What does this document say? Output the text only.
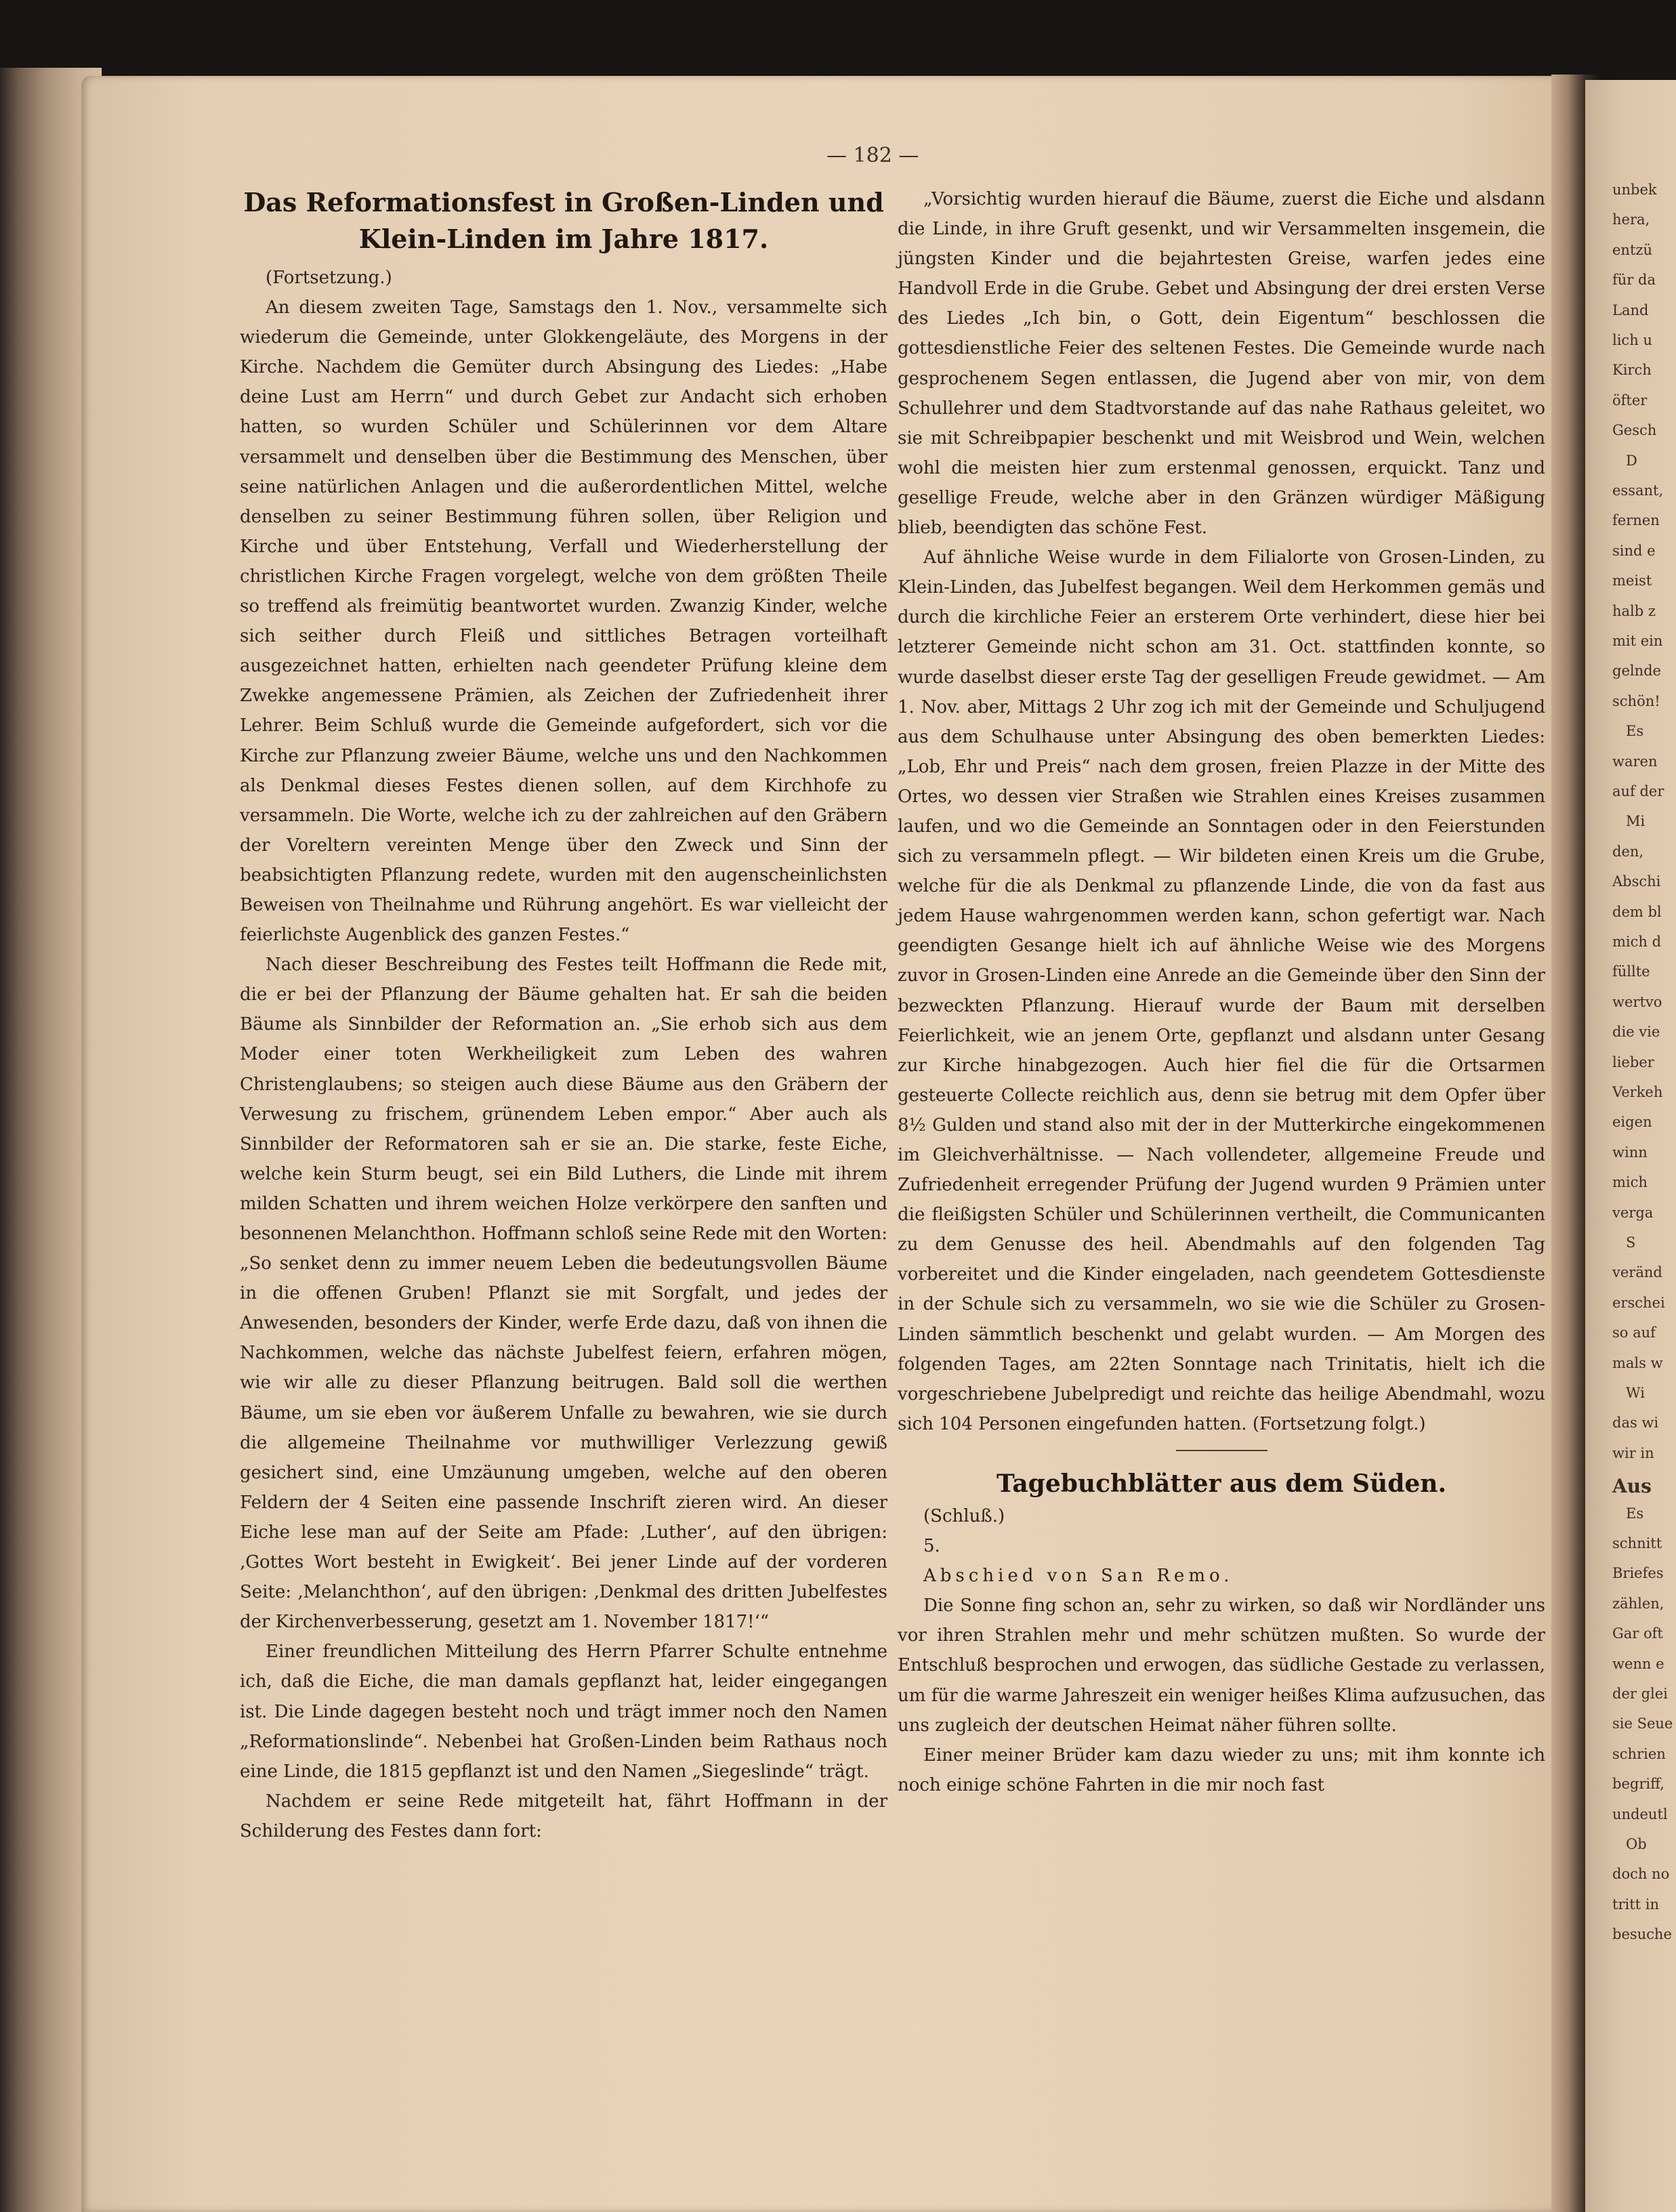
unbek
hera,
entzü
für da
Land
lich u
Kirch
öfter
Gesch
D
essant,
fernen
sind e
meist
halb z
mit ein
gelnde
schön!
Es
waren
auf der
Mi
den,
Abschi
dem bl
mich d
füllte
wertvo
die vie
lieber
Verkeh
eigen
winn
mich
verga
S
veränd
erschei
so auf
mals w
Wi
das wi
wir in
Aus
Es
schnitt
Briefes
zählen,
Gar oft
wenn e
der glei
sie Seue
schrien
begriff,
undeutl
Ob
doch no
tritt in
besuche
— 182 —
Das Reformationsfest in Großen-Linden und Klein-Linden im Jahre 1817.

(Fortsetzung.)

An diesem zweiten Tage, Samstags den 1. Nov., versammelte sich wiederum die Gemeinde, unter Glokkengeläute, des Morgens in der Kirche. Nachdem die Gemüter durch Absingung des Liedes: „Habe deine Lust am Herrn“ und durch Gebet zur Andacht sich erhoben hatten, so wurden Schüler und Schülerinnen vor dem Altare versammelt und denselben über die Bestimmung des Menschen, über seine natürlichen Anlagen und die außerordentlichen Mittel, welche denselben zu seiner Bestimmung führen sollen, über Religion und Kirche und über Entstehung, Verfall und Wiederherstellung der christlichen Kirche Fragen vorgelegt, welche von dem größten Theile so treffend als freimütig beantwortet wurden. Zwanzig Kinder, welche sich seither durch Fleiß und sittliches Betragen vorteilhaft ausgezeichnet hatten, erhielten nach geendeter Prüfung kleine dem Zwekke angemessene Prämien, als Zeichen der Zufriedenheit ihrer Lehrer. Beim Schluß wurde die Gemeinde aufgefordert, sich vor die Kirche zur Pflanzung zweier Bäume, welche uns und den Nachkommen als Denkmal dieses Festes dienen sollen, auf dem Kirchhofe zu versammeln. Die Worte, welche ich zu der zahlreichen auf den Gräbern der Voreltern vereinten Menge über den Zweck und Sinn der beabsichtigten Pflanzung redete, wurden mit den augenscheinlichsten Beweisen von Theilnahme und Rührung angehört. Es war vielleicht der feierlichste Augenblick des ganzen Festes.“

Nach dieser Beschreibung des Festes teilt Hoffmann die Rede mit, die er bei der Pflanzung der Bäume gehalten hat. Er sah die beiden Bäume als Sinnbilder der Reformation an. „Sie erhob sich aus dem Moder einer toten Werkheiligkeit zum Leben des wahren Christenglaubens; so steigen auch diese Bäume aus den Gräbern der Verwesung zu frischem, grünendem Leben empor.“ Aber auch als Sinnbilder der Reformatoren sah er sie an. Die starke, feste Eiche, welche kein Sturm beugt, sei ein Bild Luthers, die Linde mit ihrem milden Schatten und ihrem weichen Holze verkörpere den sanften und besonnenen Melanchthon. Hoffmann schloß seine Rede mit den Worten: „So senket denn zu immer neuem Leben die bedeutungsvollen Bäume in die offenen Gruben! Pflanzt sie mit Sorgfalt, und jedes der Anwesenden, besonders der Kinder, werfe Erde dazu, daß von ihnen die Nachkommen, welche das nächste Jubelfest feiern, erfahren mögen, wie wir alle zu dieser Pflanzung beitrugen. Bald soll die werthen Bäume, um sie eben vor äußerem Unfalle zu bewahren, wie sie durch die allgemeine Theilnahme vor muthwilliger Verlezzung gewiß gesichert sind, eine Umzäunung umgeben, welche auf den oberen Feldern der 4 Seiten eine passende Inschrift zieren wird. An dieser Eiche lese man auf der Seite am Pfade: ‚Luther‘, auf den übrigen: ‚Gottes Wort besteht in Ewigkeit‘. Bei jener Linde auf der vorderen Seite: ‚Melanchthon‘, auf den übrigen: ‚Denkmal des dritten Jubelfestes der Kirchenverbesserung, gesetzt am 1. November 1817!‘“

Einer freundlichen Mitteilung des Herrn Pfarrer Schulte entnehme ich, daß die Eiche, die man damals gepflanzt hat, leider eingegangen ist. Die Linde dagegen besteht noch und trägt immer noch den Namen „Reformationslinde“. Nebenbei hat Großen-Linden beim Rathaus noch eine Linde, die 1815 gepflanzt ist und den Namen „Siegeslinde“ trägt.

Nachdem er seine Rede mitgeteilt hat, fährt Hoffmann in der Schilderung des Festes dann fort:

„Vorsichtig wurden hierauf die Bäume, zuerst die Eiche und alsdann die Linde, in ihre Gruft gesenkt, und wir Versammelten insgemein, die jüngsten Kinder und die bejahrtesten Greise, warfen jedes eine Handvoll Erde in die Grube. Gebet und Absingung der drei ersten Verse des Liedes „Ich bin, o Gott, dein Eigentum“ beschlossen die gottesdienstliche Feier des seltenen Festes. Die Gemeinde wurde nach gesprochenem Segen entlassen, die Jugend aber von mir, von dem Schullehrer und dem Stadtvorstande auf das nahe Rathaus geleitet, wo sie mit Schreibpapier beschenkt und mit Weisbrod und Wein, welchen wohl die meisten hier zum erstenmal genossen, erquickt. Tanz und gesellige Freude, welche aber in den Gränzen würdiger Mäßigung blieb, beendigten das schöne Fest.

Auf ähnliche Weise wurde in dem Filialorte von Grosen-Linden, zu Klein-Linden, das Jubelfest begangen. Weil dem Herkommen gemäs und durch die kirchliche Feier an ersterem Orte verhindert, diese hier bei letzterer Gemeinde nicht schon am 31. Oct. stattfinden konnte, so wurde daselbst dieser erste Tag der geselligen Freude gewidmet. — Am 1. Nov. aber, Mittags 2 Uhr zog ich mit der Gemeinde und Schuljugend aus dem Schulhause unter Absingung des oben bemerkten Liedes: „Lob, Ehr und Preis“ nach dem grosen, freien Plazze in der Mitte des Ortes, wo dessen vier Straßen wie Strahlen eines Kreises zusammen laufen, und wo die Gemeinde an Sonntagen oder in den Feierstunden sich zu versammeln pflegt. — Wir bildeten einen Kreis um die Grube, welche für die als Denkmal zu pflanzende Linde, die von da fast aus jedem Hause wahrgenommen werden kann, schon gefertigt war. Nach geendigten Gesange hielt ich auf ähnliche Weise wie des Morgens zuvor in Grosen-Linden eine Anrede an die Gemeinde über den Sinn der bezweckten Pflanzung. Hierauf wurde der Baum mit derselben Feierlichkeit, wie an jenem Orte, gepflanzt und alsdann unter Gesang zur Kirche hinabgezogen. Auch hier fiel die für die Ortsarmen gesteuerte Collecte reichlich aus, denn sie betrug mit dem Opfer über 8½ Gulden und stand also mit der in der Mutterkirche eingekommenen im Gleichverhältnisse. — Nach vollendeter, allgemeine Freude und Zufriedenheit erregender Prüfung der Jugend wurden 9 Prämien unter die fleißigsten Schüler und Schülerinnen vertheilt, die Communicanten zu dem Genusse des heil. Abendmahls auf den folgenden Tag vorbereitet und die Kinder eingeladen, nach geendetem Gottesdienste in der Schule sich zu versammeln, wo sie wie die Schüler zu Grosen-Linden sämmtlich beschenkt und gelabt wurden. — Am Morgen des folgenden Tages, am 22ten Sonntage nach Trinitatis, hielt ich die vorgeschriebene Jubelpredigt und reichte das heilige Abendmahl, wozu sich 104 Personen eingefunden hatten. (Fortsetzung folgt.)

Tagebuchblätter aus dem Süden.

(Schluß.)

5.

Abschied von San Remo.

Die Sonne fing schon an, sehr zu wirken, so daß wir Nordländer uns vor ihren Strahlen mehr und mehr schützen mußten. So wurde der Entschluß besprochen und erwogen, das südliche Gestade zu verlassen, um für die warme Jahreszeit ein weniger heißes Klima aufzusuchen, das uns zugleich der deutschen Heimat näher führen sollte.

Einer meiner Brüder kam dazu wieder zu uns; mit ihm konnte ich noch einige schöne Fahrten in die mir noch fast
